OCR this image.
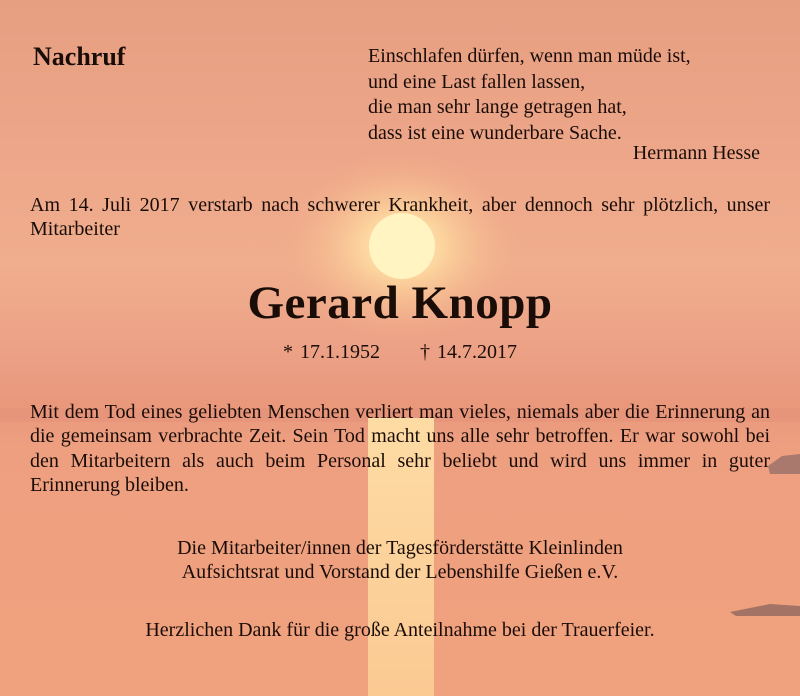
Nachruf	Einschlafen dürfen, wenn man müde ist,
und eine Last fallen lassen,
die man sehr lange getragen hat,
dass ist eine wunderbare Sache.
Hermann Hesse

Am 14. Juli 2017 verstarb nach schwerer Krankheit, aber dennoch sehr plötzlich, unser Mitarbeiter

Gerard Knopp
* 17.1.1952 † 14.7.2017

Mit dem Tod eines geliebten Menschen verliert man vieles, niemals aber die Erinnerung an die gemeinsam verbrachte Zeit. Sein Tod macht uns alle sehr betroffen. Er war sowohl bei den Mitarbeitern als auch beim Personal sehr beliebt und wird uns immer in guter Erinnerung bleiben.

Die Mitarbeiter/innen der Tagesförderstätte Kleinlinden
Aufsichtsrat und Vorstand der Lebenshilfe Gießen e.V.
Herzlichen Dank für die große Anteilnahme bei der Trauerfeier.
